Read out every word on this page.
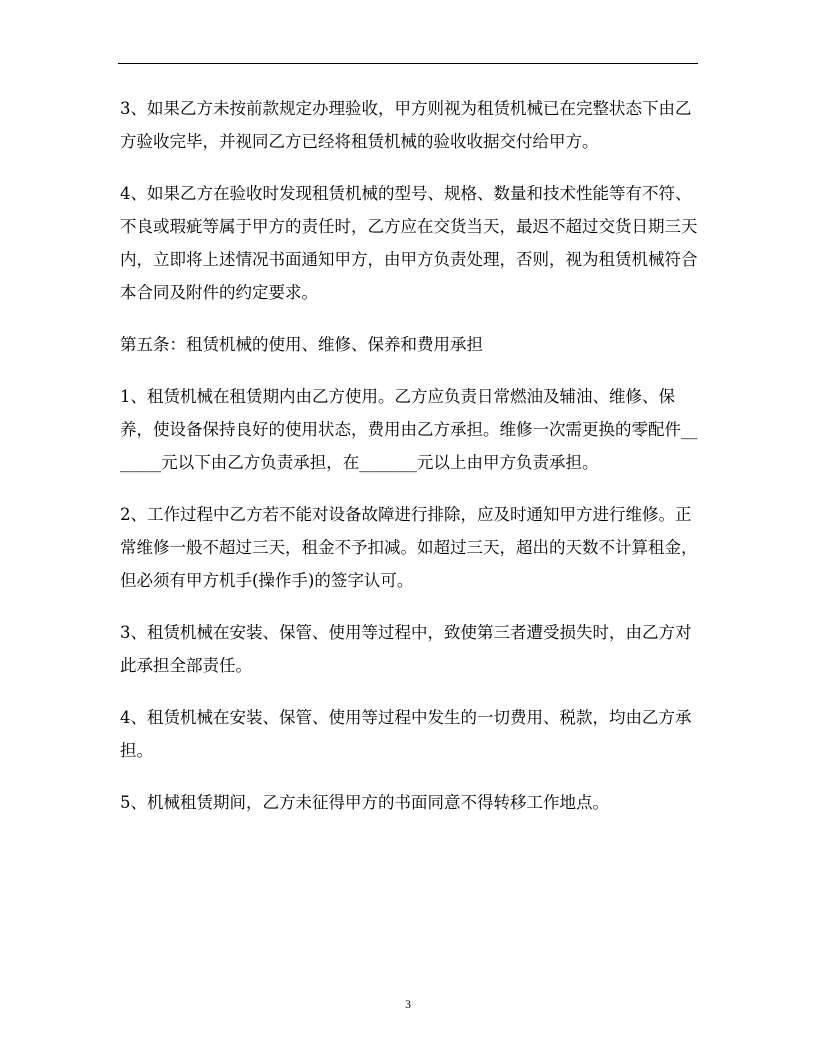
3、如果乙方未按前款规定办理验收，甲方则视为租赁机械已在完整状态下由乙方验收完毕，并视同乙方已经将租赁机械的验收收据交付给甲方。

4、如果乙方在验收时发现租赁机械的型号、规格、数量和技术性能等有不符、不良或瑕疵等属于甲方的责任时，乙方应在交货当天，最迟不超过交货日期三天内，立即将上述情况书面通知甲方，由甲方负责处理，否则，视为租赁机械符合本合同及附件的约定要求。

第五条：租赁机械的使用、维修、保养和费用承担

1、租赁机械在租赁期内由乙方使用。乙方应负责日常燃油及辅油、维修、保养，使设备保持良好的使用状态，费用由乙方承担。维修一次需更换的零配件_______元以下由乙方负责承担，在_______元以上由甲方负责承担。

2、工作过程中乙方若不能对设备故障进行排除，应及时通知甲方进行维修。正常维修一般不超过三天，租金不予扣减。如超过三天，超出的天数不计算租金，但必须有甲方机手(操作手)的签字认可。

3、租赁机械在安装、保管、使用等过程中，致使第三者遭受损失时，由乙方对此承担全部责任。

4、租赁机械在安装、保管、使用等过程中发生的一切费用、税款，均由乙方承担。

5、机械租赁期间，乙方未征得甲方的书面同意不得转移工作地点。

3
